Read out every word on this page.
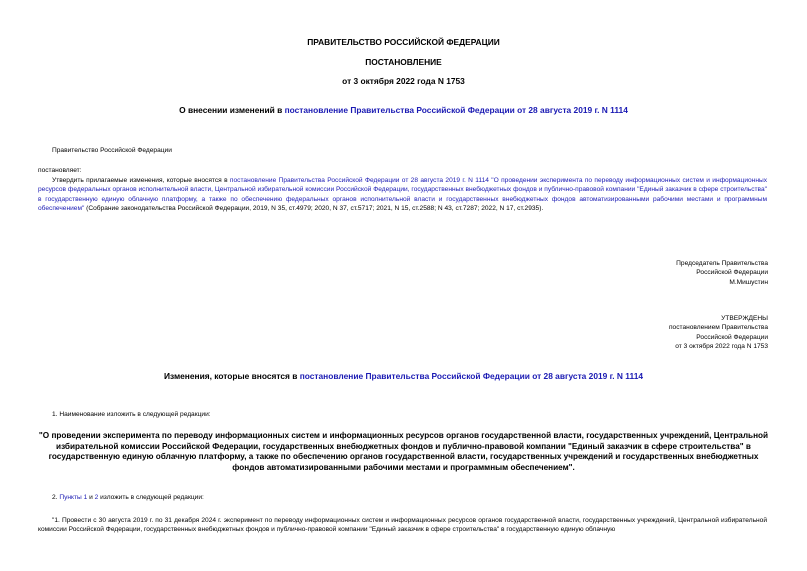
ПРАВИТЕЛЬСТВО РОССИЙСКОЙ ФЕДЕРАЦИИ
ПОСТАНОВЛЕНИЕ
от 3 октября 2022 года N 1753
О внесении изменений в постановление Правительства Российской Федерации от 28 августа 2019 г. N 1114
Правительство Российской Федерации
постановляет:
Утвердить прилагаемые изменения, которые вносятся в постановление Правительства Российской Федерации от 28 августа 2019 г. N 1114 "О проведении эксперимента по переводу информационных систем и информационных ресурсов федеральных органов исполнительной власти, Центральной избирательной комиссии Российской Федерации, государственных внебюджетных фондов и публично-правовой компании "Единый заказчик в сфере строительства" в государственную единую облачную платформу, а также по обеспечению федеральных органов исполнительной власти и государственных внебюджетных фондов автоматизированными рабочими местами и программным обеспечением" (Собрание законодательства Российской Федерации, 2019, N 35, ст.4979; 2020, N 37, ст.5717; 2021, N 15, ст.2588; N 43, ст.7287; 2022, N 17, ст.2935).
Председатель Правительства
Российской Федерации
М.Мишустин
УТВЕРЖДЕНЫ
постановлением Правительства
Российской Федерации
от 3 октября 2022 года N 1753
Изменения, которые вносятся в постановление Правительства Российской Федерации от 28 августа 2019 г. N 1114
1. Наименование изложить в следующей редакции:
"О проведении эксперимента по переводу информационных систем и информационных ресурсов органов государственной власти, государственных учреждений, Центральной избирательной комиссии Российской Федерации, государственных внебюджетных фондов и публично-правовой компании "Единый заказчик в сфере строительства" в государственную единую облачную платформу, а также по обеспечению органов государственной власти, государственных учреждений и государственных внебюджетных фондов автоматизированными рабочими местами и программным обеспечением".
2. Пункты 1 и 2 изложить в следующей редакции:
"1. Провести с 30 августа 2019 г. по 31 декабря 2024 г. эксперимент по переводу информационных систем и информационных ресурсов органов государственной власти, государственных учреждений, Центральной избирательной комиссии Российской Федерации, государственных внебюджетных фондов и публично-правовой компании "Единый заказчик в сфере строительства" в государственную единую облачную
